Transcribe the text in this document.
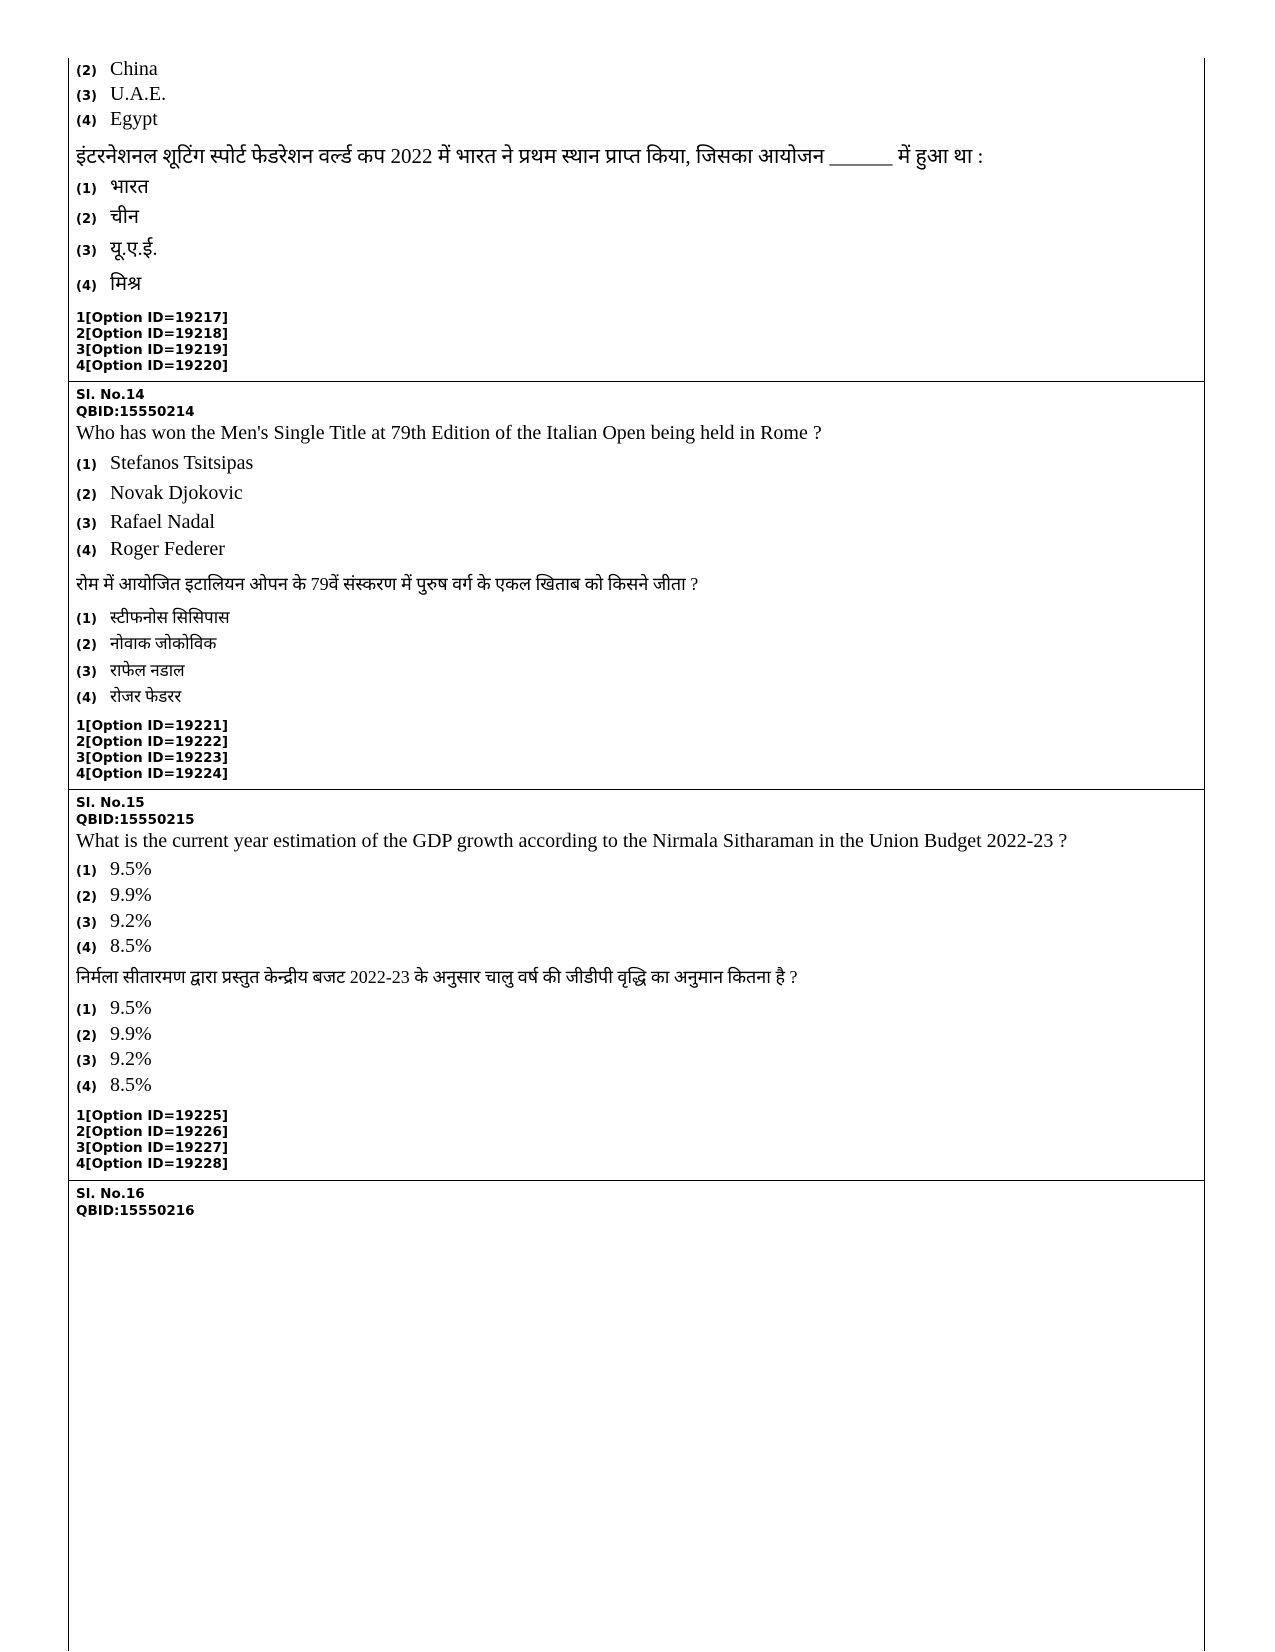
(2) China
(3) U.A.E.
(4) Egypt
इंटरनेशनल शूटिंग स्पोर्ट फेडरेशन वर्ल्ड कप 2022 में भारत ने प्रथम स्थान प्राप्त किया, जिसका आयोजन ______ में हुआ था :
(1) भारत
(2) चीन
(3) यू.ए.ई.
(4) मिश्र
1[Option ID=19217]
2[Option ID=19218]
3[Option ID=19219]
4[Option ID=19220]
Sl. No.14
QBID:15550214
Who has won the Men's Single Title at 79th Edition of the Italian Open being held in Rome ?
(1) Stefanos Tsitsipas
(2) Novak Djokovic
(3) Rafael Nadal
(4) Roger Federer
रोम में आयोजित इटालियन ओपन के 79वें संस्करण में पुरुष वर्ग के एकल खिताब को किसने जीता ?
(1) स्टीफनोस सिसिपास
(2) नोवाक जोकोविक
(3) राफेल नडाल
(4) रोजर फेडरर
1[Option ID=19221]
2[Option ID=19222]
3[Option ID=19223]
4[Option ID=19224]
Sl. No.15
QBID:15550215
What is the current year estimation of the GDP growth according to the Nirmala Sitharaman in the Union Budget 2022-23 ?
(1) 9.5%
(2) 9.9%
(3) 9.2%
(4) 8.5%
निर्मला सीतारमण द्वारा प्रस्तुत केन्द्रीय बजट 2022-23 के अनुसार चालु वर्ष की जीडीपी वृद्धि का अनुमान कितना है ?
(1) 9.5%
(2) 9.9%
(3) 9.2%
(4) 8.5%
1[Option ID=19225]
2[Option ID=19226]
3[Option ID=19227]
4[Option ID=19228]
Sl. No.16
QBID:15550216
